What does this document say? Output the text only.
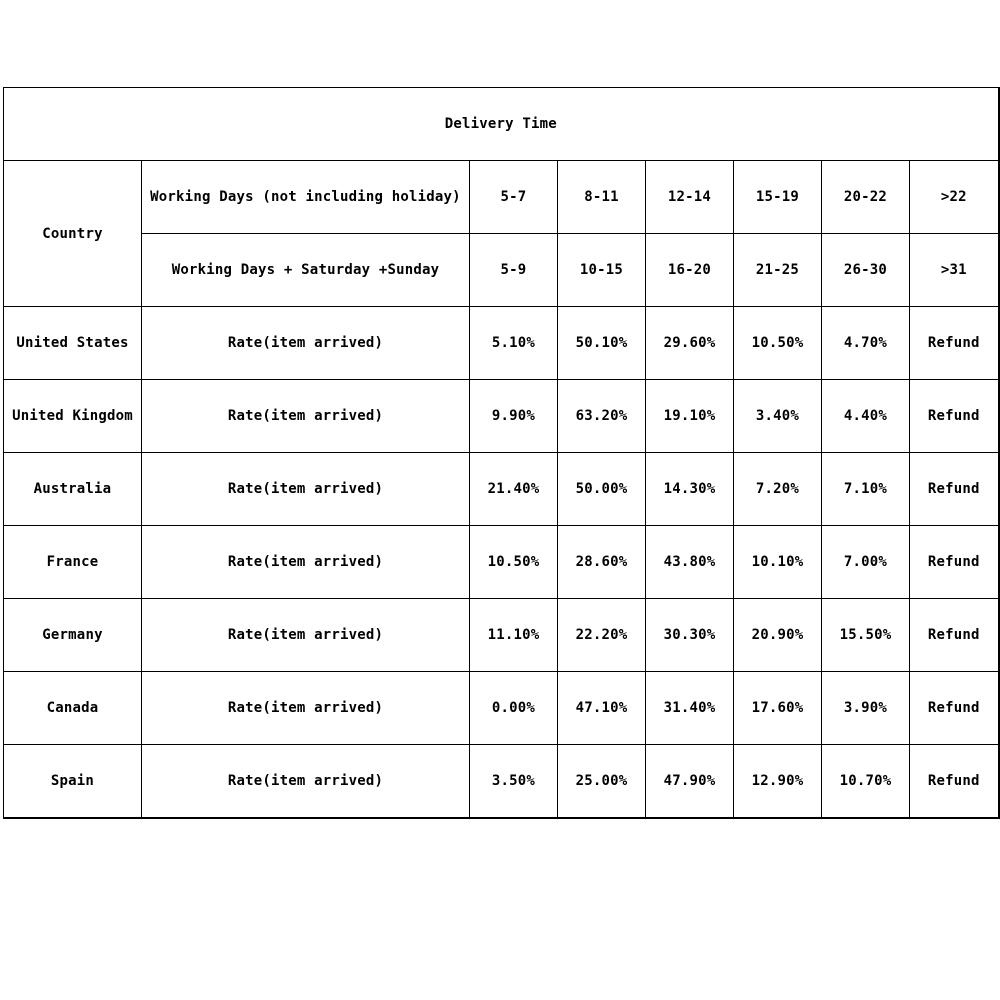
Delivery Time							
Country	Working Days (not including holiday)	5-7	8-11	12-14	15-19	20-22	>22
	Working Days + Saturday +Sunday	5-9	10-15	16-20	21-25	26-30	>31
United States	Rate(item arrived)	5.10%	50.10%	29.60%	10.50%	4.70%	Refund
United Kingdom	Rate(item arrived)	9.90%	63.20%	19.10%	3.40%	4.40%	Refund
Australia	Rate(item arrived)	21.40%	50.00%	14.30%	7.20%	7.10%	Refund
France	Rate(item arrived)	10.50%	28.60%	43.80%	10.10%	7.00%	Refund
Germany	Rate(item arrived)	11.10%	22.20%	30.30%	20.90%	15.50%	Refund
Canada	Rate(item arrived)	0.00%	47.10%	31.40%	17.60%	3.90%	Refund
Spain	Rate(item arrived)	3.50%	25.00%	47.90%	12.90%	10.70%	Refund
